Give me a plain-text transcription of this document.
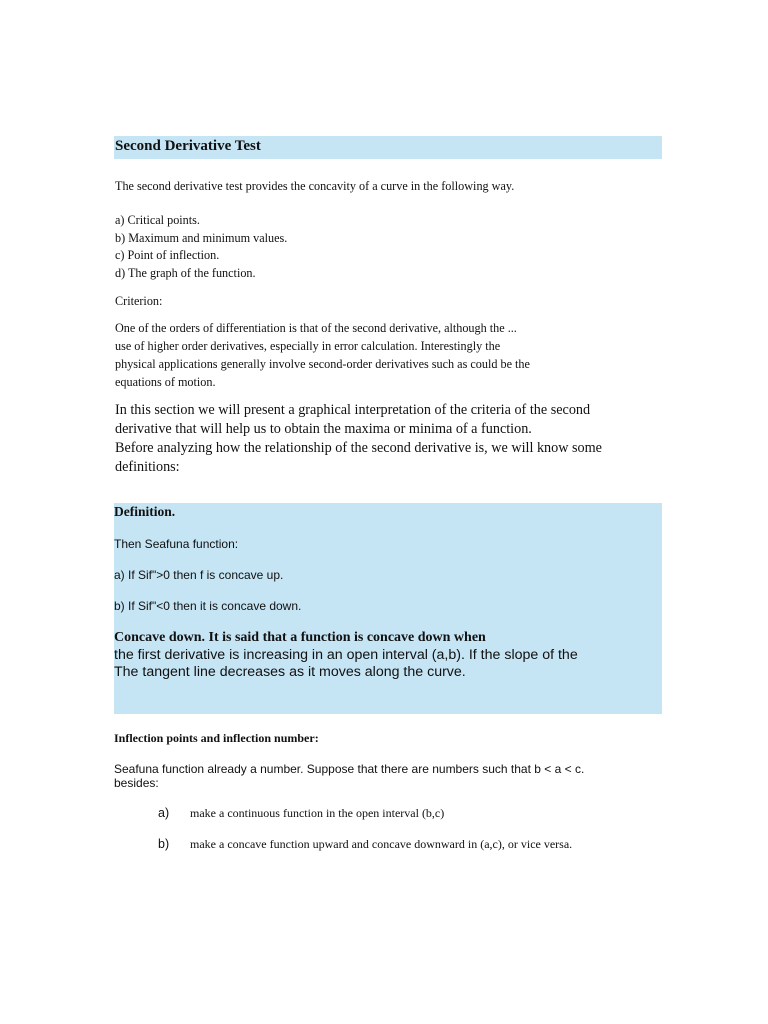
Second Derivative Test
The second derivative test provides the concavity of a curve in the following way.
a) Critical points.
b) Maximum and minimum values.
c) Point of inflection.
d) The graph of the function.
Criterion:
One of the orders of differentiation is that of the second derivative, although the ...
use of higher order derivatives, especially in error calculation. Interestingly the
physical applications generally involve second-order derivatives such as could be the
equations of motion.
In this section we will present a graphical interpretation of the criteria of the second
derivative that will help us to obtain the maxima or minima of a function.
Before analyzing how the relationship of the second derivative is, we will know some
definitions:
Definition.
Then Seafuna function:
a) If Sif">0 then f is concave up.
b) If Sif"<0 then it is concave down.
Concave down. It is said that a function is concave down when
the first derivative is increasing in an open interval (a,b). If the slope of the
The tangent line decreases as it moves along the curve.
Inflection points and inflection number:
Seafuna function already a number. Suppose that there are numbers such that b < a < c.
besides:
a) make a continuous function in the open interval (b,c)
b) make a concave function upward and concave downward in (a,c), or vice versa.
